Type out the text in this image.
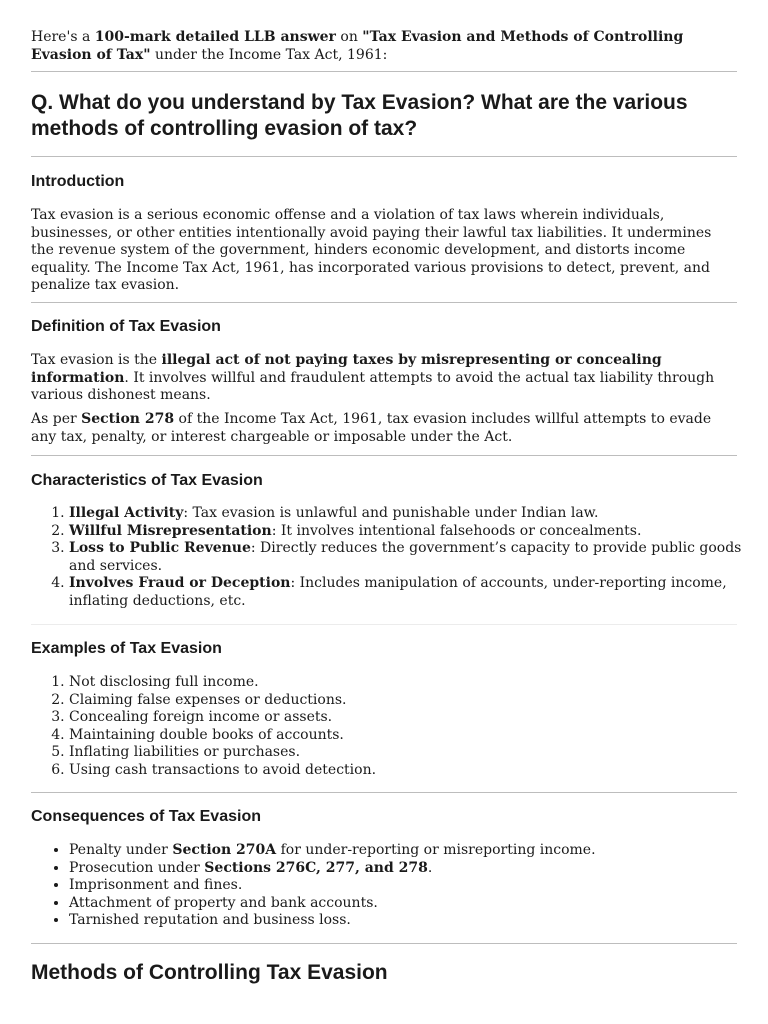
Here's a 100-mark detailed LLB answer on "Tax Evasion and Methods of Controlling Evasion of Tax" under the Income Tax Act, 1961:

Q. What do you understand by Tax Evasion? What are the various methods of controlling evasion of tax?
Introduction

Tax evasion is a serious economic offense and a violation of tax laws wherein individuals, businesses, or other entities intentionally avoid paying their lawful tax liabilities. It undermines the revenue system of the government, hinders economic development, and distorts income equality. The Income Tax Act, 1961, has incorporated various provisions to detect, prevent, and penalize tax evasion.

Definition of Tax Evasion

Tax evasion is the illegal act of not paying taxes by misrepresenting or concealing information. It involves willful and fraudulent attempts to avoid the actual tax liability through various dishonest means.

As per Section 278 of the Income Tax Act, 1961, tax evasion includes willful attempts to evade any tax, penalty, or interest chargeable or imposable under the Act.

Characteristics of Tax Evasion
1. Illegal Activity: Tax evasion is unlawful and punishable under Indian law.
2. Willful Misrepresentation: It involves intentional falsehoods or concealments.
3. Loss to Public Revenue: Directly reduces the government’s capacity to provide public goods and services.
4. Involves Fraud or Deception: Includes manipulation of accounts, under-reporting income, inflating deductions, etc.
Examples of Tax Evasion
1. Not disclosing full income.
2. Claiming false expenses or deductions.
3. Concealing foreign income or assets.
4. Maintaining double books of accounts.
5. Inflating liabilities or purchases.
6. Using cash transactions to avoid detection.
Consequences of Tax Evasion
• Penalty under Section 270A for under-reporting or misreporting income.
• Prosecution under Sections 276C, 277, and 278.
• Imprisonment and fines.
• Attachment of property and bank accounts.
• Tarnished reputation and business loss.
Methods of Controlling Tax Evasion
